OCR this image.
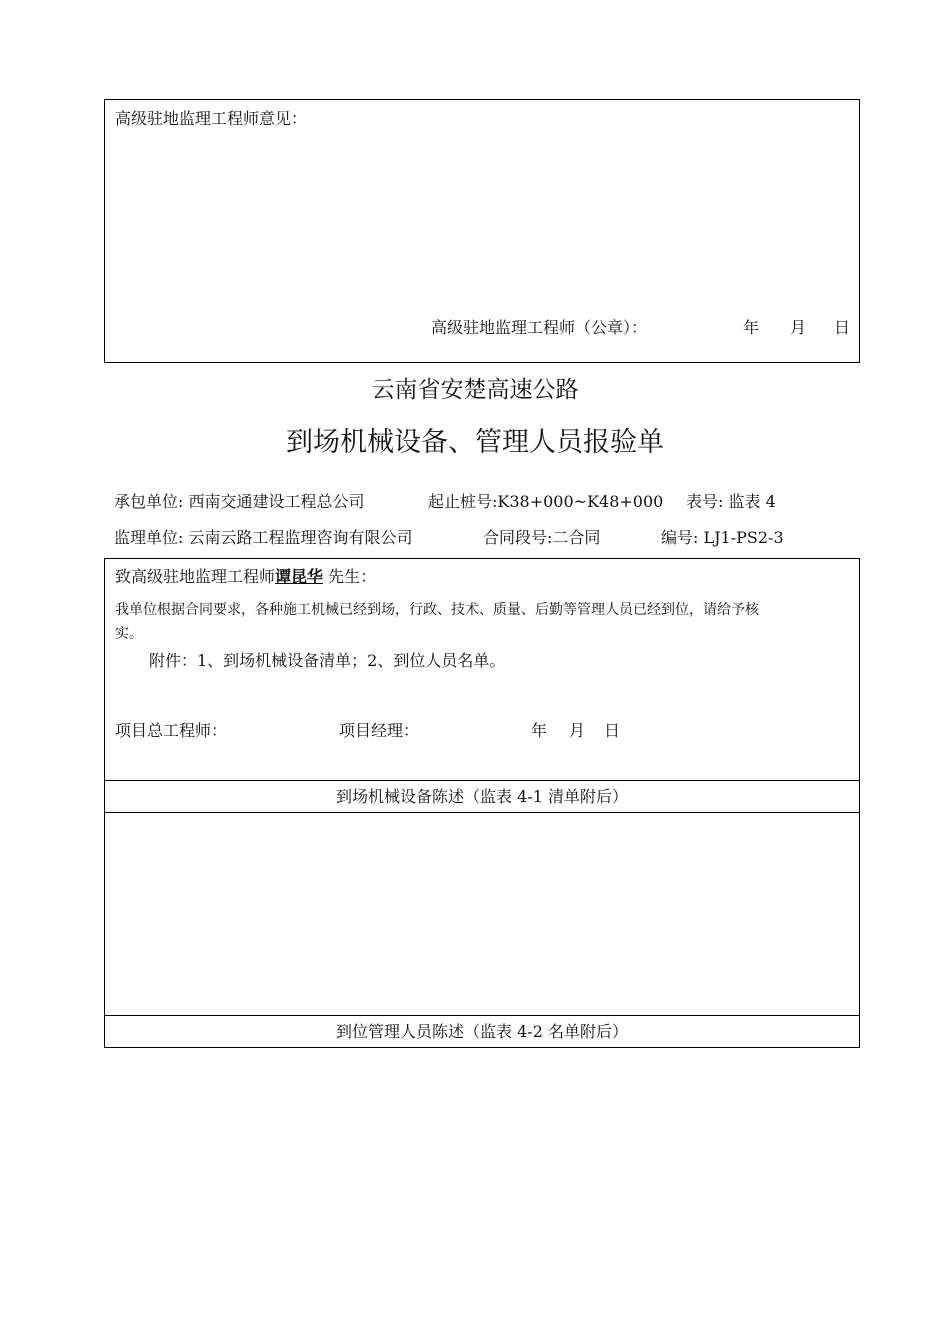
高级驻地监理工程师意见：
高级驻地监理工程师（公章）：	年 月 日
云南省安楚高速公路
到场机械设备、管理人员报验单
承包单位: 西南交通建设工程总公司	起止桩号:K38+000~K48+000 表号: 监表 4
监理单位: 云南云路工程监理咨询有限公司	合同段号:二合同	编号: LJ1-PS2-3
致高级驻地监理工程师谭昆华 先生：
我单位根据合同要求，各种施工机械已经到场，行政、技术、质量、后勤等管理人员已经到位，请给予核
实。
附件：1、到场机械设备清单；2、到位人员名单。
项目总工程师：	项目经理：	年 月 日
到场机械设备陈述（监表 4-1 清单附后）
到位管理人员陈述（监表 4-2 名单附后）
